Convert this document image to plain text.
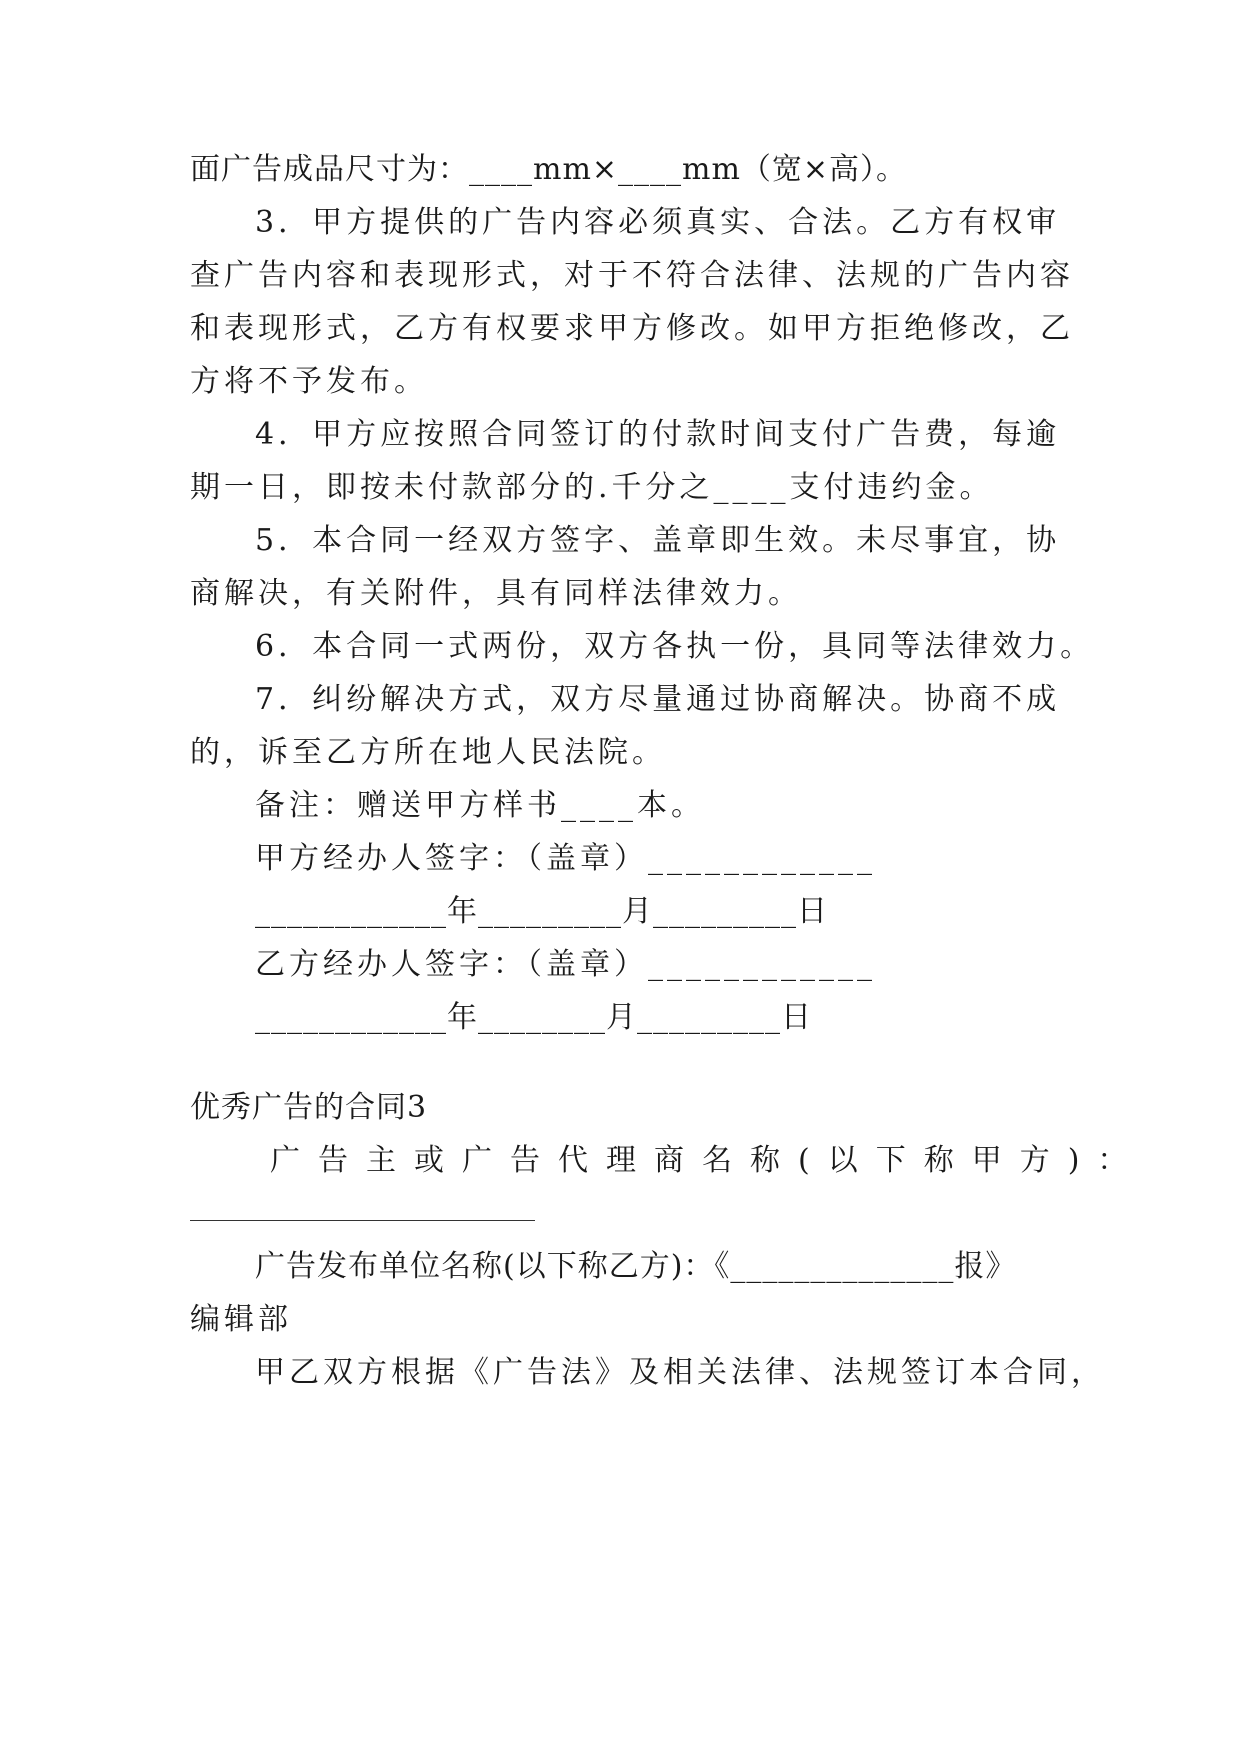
面广告成品尺寸为：____mm×____mm（宽×高）。
3．甲方提供的广告内容必须真实、合法。乙方有权审
查广告内容和表现形式，对于不符合法律、法规的广告内容
和表现形式，乙方有权要求甲方修改。如甲方拒绝修改，乙
方将不予发布。
4．甲方应按照合同签订的付款时间支付广告费，每逾
期一日，即按未付款部分的.千分之____支付违约金。
5．本合同一经双方签字、盖章即生效。未尽事宜，协
商解决，有关附件，具有同样法律效力。
6．本合同一式两份，双方各执一份，具同等法律效力。
7．纠纷解决方式，双方尽量通过协商解决。协商不成
的，诉至乙方所在地人民法院。
备注：赠送甲方样书____本。
甲方经办人签字：（盖章）____________
____________年_________月_________日
乙方经办人签字：（盖章）____________
____________年________月_________日
优秀广告的合同3
广告主或广告代理商名称(以下称甲方)：
广告发布单位名称(以下称乙方)：《______________报》
编辑部
甲乙双方根据《广告法》及相关法律、法规签订本合同，
